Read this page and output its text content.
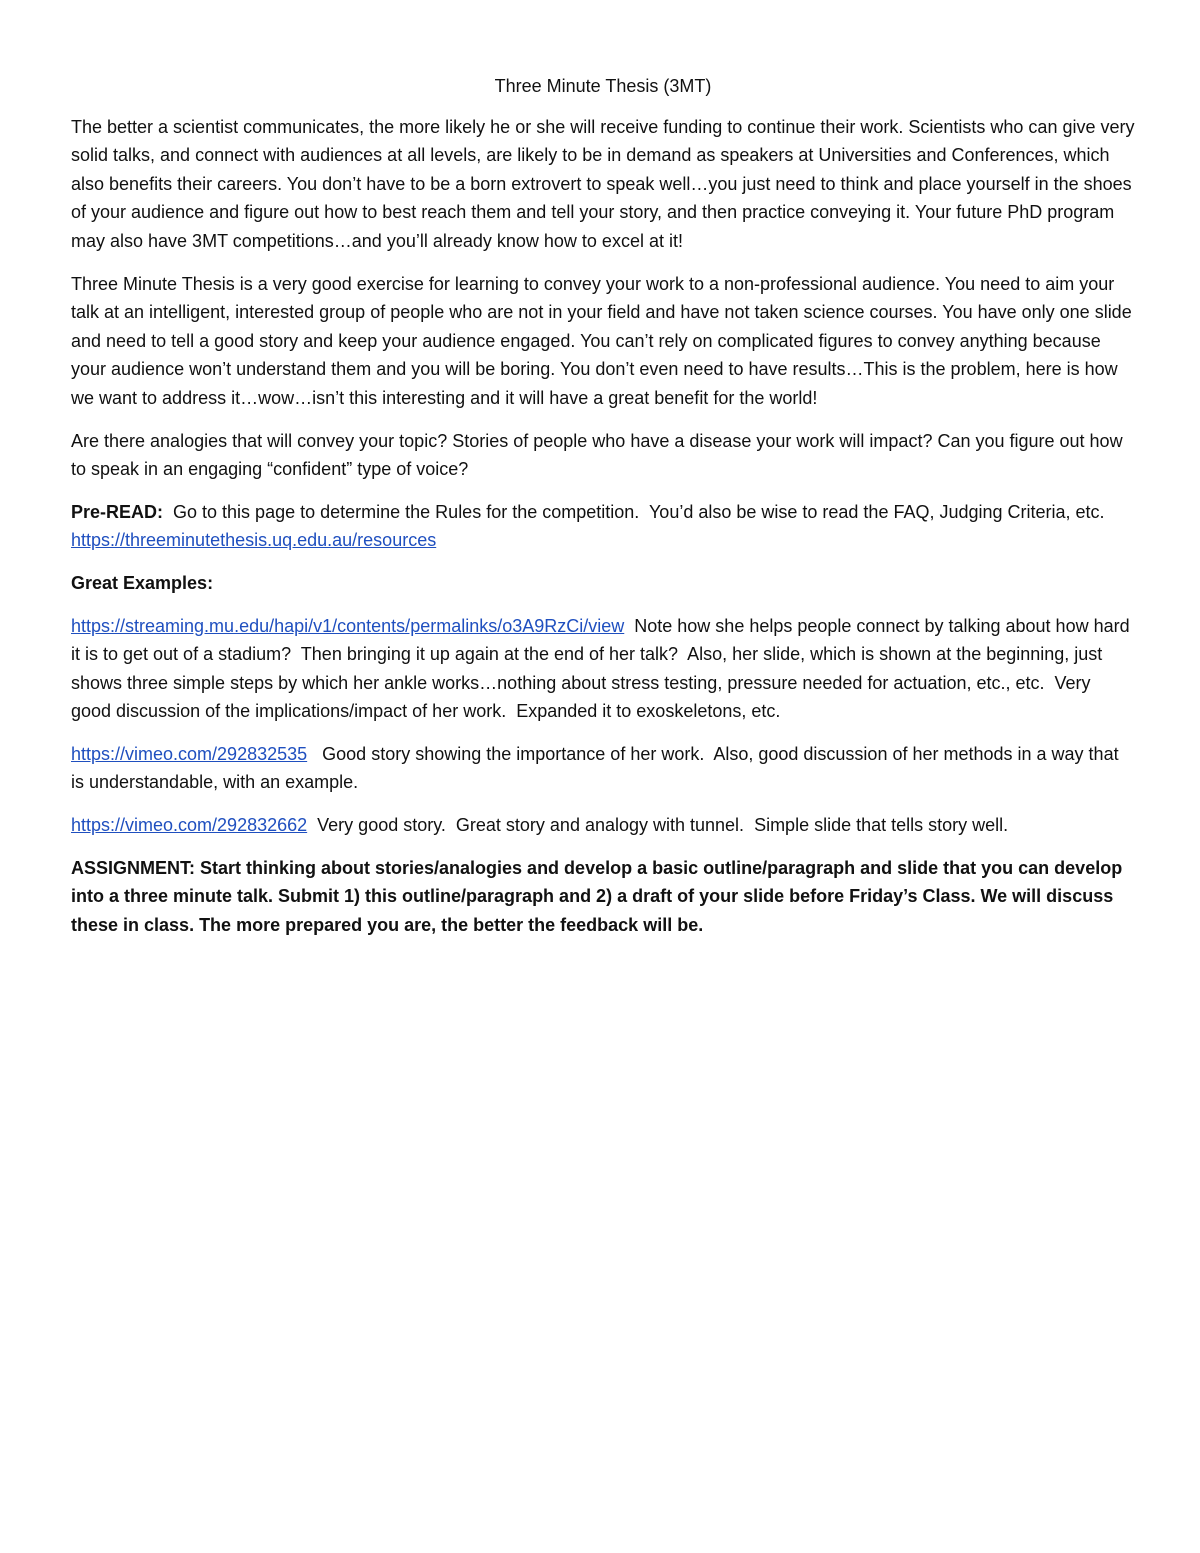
Three Minute Thesis (3MT)

The better a scientist communicates, the more likely he or she will receive funding to continue their work. Scientists who can give very solid talks, and connect with audiences at all levels, are likely to be in demand as speakers at Universities and Conferences, which also benefits their careers. You don’t have to be a born extrovert to speak well…you just need to think and place yourself in the shoes of your audience and figure out how to best reach them and tell your story, and then practice conveying it. Your future PhD program may also have 3MT competitions…and you’ll already know how to excel at it!

Three Minute Thesis is a very good exercise for learning to convey your work to a non-professional audience. You need to aim your talk at an intelligent, interested group of people who are not in your field and have not taken science courses. You have only one slide and need to tell a good story and keep your audience engaged. You can’t rely on complicated figures to convey anything because your audience won’t understand them and you will be boring. You don’t even need to have results…This is the problem, here is how we want to address it…wow…isn’t this interesting and it will have a great benefit for the world!

Are there analogies that will convey your topic? Stories of people who have a disease your work will impact? Can you figure out how to speak in an engaging “confident” type of voice?

Pre-READ:  Go to this page to determine the Rules for the competition.  You’d also be wise to read the FAQ, Judging Criteria, etc.  https://threeminutethesis.uq.edu.au/resources

Great Examples:

https://streaming.mu.edu/hapi/v1/contents/permalinks/o3A9RzCi/view  Note how she helps people connect by talking about how hard it is to get out of a stadium?  Then bringing it up again at the end of her talk?  Also, her slide, which is shown at the beginning, just shows three simple steps by which her ankle works…nothing about stress testing, pressure needed for actuation, etc., etc.  Very good discussion of the implications/impact of her work.  Expanded it to exoskeletons, etc.

https://vimeo.com/292832535   Good story showing the importance of her work.  Also, good discussion of her methods in a way that is understandable, with an example.

https://vimeo.com/292832662  Very good story.  Great story and analogy with tunnel.  Simple slide that tells story well.

ASSIGNMENT: Start thinking about stories/analogies and develop a basic outline/paragraph and slide that you can develop into a three minute talk. Submit 1) this outline/paragraph and 2) a draft of your slide before Friday’s Class. We will discuss these in class. The more prepared you are, the better the feedback will be.
